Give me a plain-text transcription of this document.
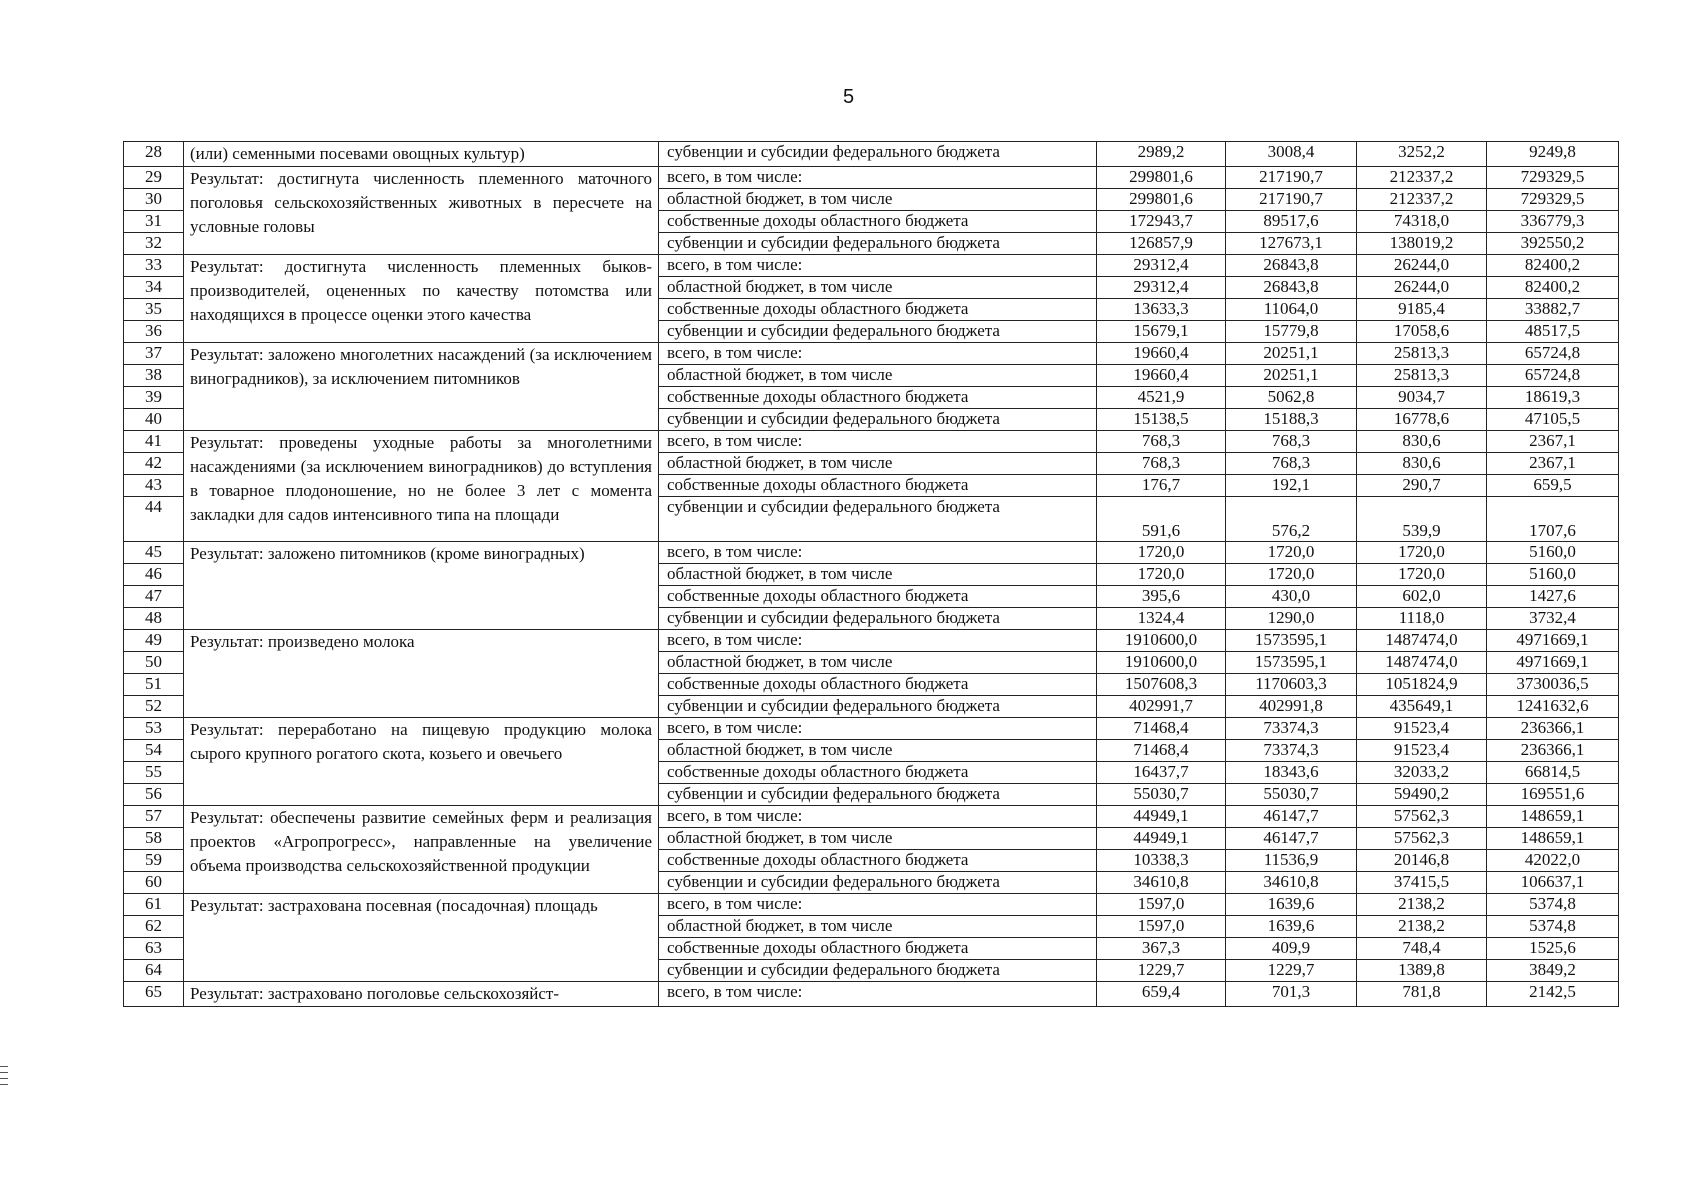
5
28	(или) семенными посевами овощных культур)	субвенции и субсидии федерального бюджета	2989,2	3008,4	3252,2	9249,8
29	Результат: достигнута численность племенного маточного поголовья сельскохозяйственных животных в пересчете на условные головы	всего, в том числе:	299801,6	217190,7	212337,2	729329,5
30		областной бюджет, в том числе	299801,6	217190,7	212337,2	729329,5
31		собственные доходы областного бюджета	172943,7	89517,6	74318,0	336779,3
32		субвенции и субсидии федерального бюджета	126857,9	127673,1	138019,2	392550,2
33	Результат: достигнута численность племенных быков-производителей, оцененных по качеству потомства или находящихся в процессе оценки этого качества	всего, в том числе:	29312,4	26843,8	26244,0	82400,2
34		областной бюджет, в том числе	29312,4	26843,8	26244,0	82400,2
35		собственные доходы областного бюджета	13633,3	11064,0	9185,4	33882,7
36		субвенции и субсидии федерального бюджета	15679,1	15779,8	17058,6	48517,5
37	Результат: заложено многолетних насаждений (за исключением виноградников), за исключением питомников	всего, в том числе:	19660,4	20251,1	25813,3	65724,8
38		областной бюджет, в том числе	19660,4	20251,1	25813,3	65724,8
39		собственные доходы областного бюджета	4521,9	5062,8	9034,7	18619,3
40		субвенции и субсидии федерального бюджета	15138,5	15188,3	16778,6	47105,5
41	Результат: проведены уходные работы за многолетними насаждениями (за исключением виноградников) до вступления в товарное плодоношение, но не более 3 лет с момента закладки для садов интенсивного типа на площади	всего, в том числе:	768,3	768,3	830,6	2367,1
42		областной бюджет, в том числе	768,3	768,3	830,6	2367,1
43		собственные доходы областного бюджета	176,7	192,1	290,7	659,5
44		субвенции и субсидии федерального бюджета	591,6	576,2	539,9	1707,6
45	Результат: заложено питомников (кроме виноградных)	всего, в том числе:	1720,0	1720,0	1720,0	5160,0
46		областной бюджет, в том числе	1720,0	1720,0	1720,0	5160,0
47		собственные доходы областного бюджета	395,6	430,0	602,0	1427,6
48		субвенции и субсидии федерального бюджета	1324,4	1290,0	1118,0	3732,4
49	Результат: произведено молока	всего, в том числе:	1910600,0	1573595,1	1487474,0	4971669,1
50		областной бюджет, в том числе	1910600,0	1573595,1	1487474,0	4971669,1
51		собственные доходы областного бюджета	1507608,3	1170603,3	1051824,9	3730036,5
52		субвенции и субсидии федерального бюджета	402991,7	402991,8	435649,1	1241632,6
53	Результат: переработано на пищевую продукцию молока сырого крупного рогатого скота, козьего и овечьего	всего, в том числе:	71468,4	73374,3	91523,4	236366,1
54		областной бюджет, в том числе	71468,4	73374,3	91523,4	236366,1
55		собственные доходы областного бюджета	16437,7	18343,6	32033,2	66814,5
56		субвенции и субсидии федерального бюджета	55030,7	55030,7	59490,2	169551,6
57	Результат: обеспечены развитие семейных ферм и реализация проектов «Агропрогресс», направленные на увеличение объема производства сельскохозяйственной продукции	всего, в том числе:	44949,1	46147,7	57562,3	148659,1
58		областной бюджет, в том числе	44949,1	46147,7	57562,3	148659,1
59		собственные доходы областного бюджета	10338,3	11536,9	20146,8	42022,0
60		субвенции и субсидии федерального бюджета	34610,8	34610,8	37415,5	106637,1
61	Результат: застрахована посевная (посадочная) площадь	всего, в том числе:	1597,0	1639,6	2138,2	5374,8
62		областной бюджет, в том числе	1597,0	1639,6	2138,2	5374,8
63		собственные доходы областного бюджета	367,3	409,9	748,4	1525,6
64		субвенции и субсидии федерального бюджета	1229,7	1229,7	1389,8	3849,2
65	Результат: застраховано поголовье сельскохозяйст-	всего, в том числе:	659,4	701,3	781,8	2142,5
